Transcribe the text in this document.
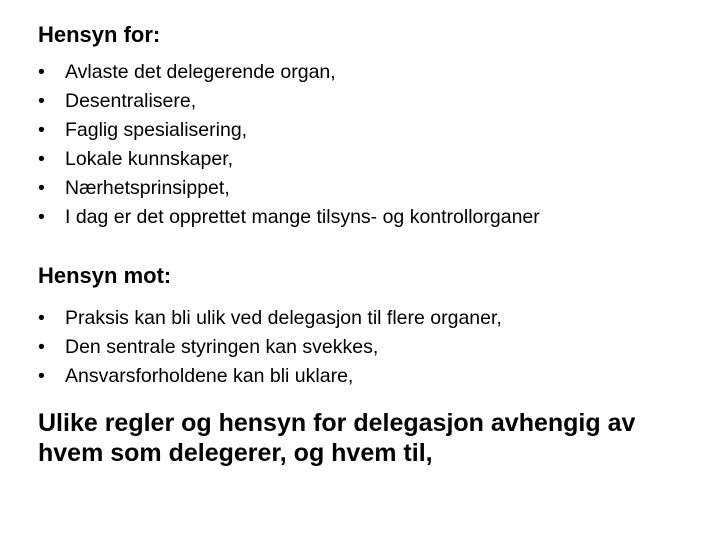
Hensyn for:
• Avlaste det delegerende organ,
• Desentralisere,
• Faglig spesialisering,
• Lokale kunnskaper,
• Nærhetsprinsippet,
• I dag er det opprettet mange tilsyns- og kontrollorganer
Hensyn mot:
• Praksis kan bli ulik ved delegasjon til flere organer,
• Den sentrale styringen kan svekkes,
• Ansvarsforholdene kan bli uklare,
Ulike regler og hensyn for delegasjon avhengig av
hvem som delegerer, og hvem til,
